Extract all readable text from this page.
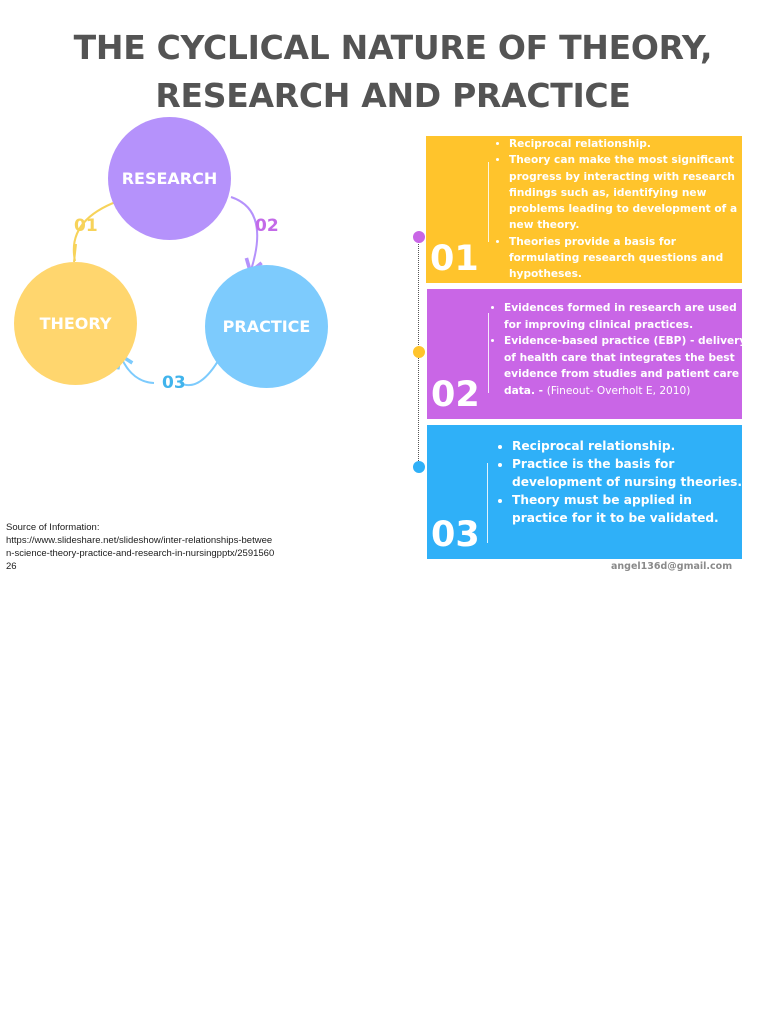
THE CYCLICAL NATURE OF THEORY,
RESEARCH AND PRACTICE
RESEARCH
THEORY	PRACTICE
01	02
03
Source of Information:
https://www.slideshare.net/slideshow/inter-relationships-between-science-theory-practice-and-research-in-nursingpptx/259156026
• Reciprocal relationship.
• Theory can make the most significant progress by interacting with research findings such as, identifying new problems leading to development of a new theory.
• Theories provide a basis for formulating research questions and hypotheses.
01
• Evidences formed in research are used for improving clinical practices.
• Evidence-based practice (EBP) - delivery of health care that integrates the best evidence from studies and patient care data. - (Fineout- Overholt E, 2010)
02
• Reciprocal relationship.
• Practice is the basis for development of nursing theories.
• Theory must be applied in practice for it to be validated.
03
angel136d@gmail.com
